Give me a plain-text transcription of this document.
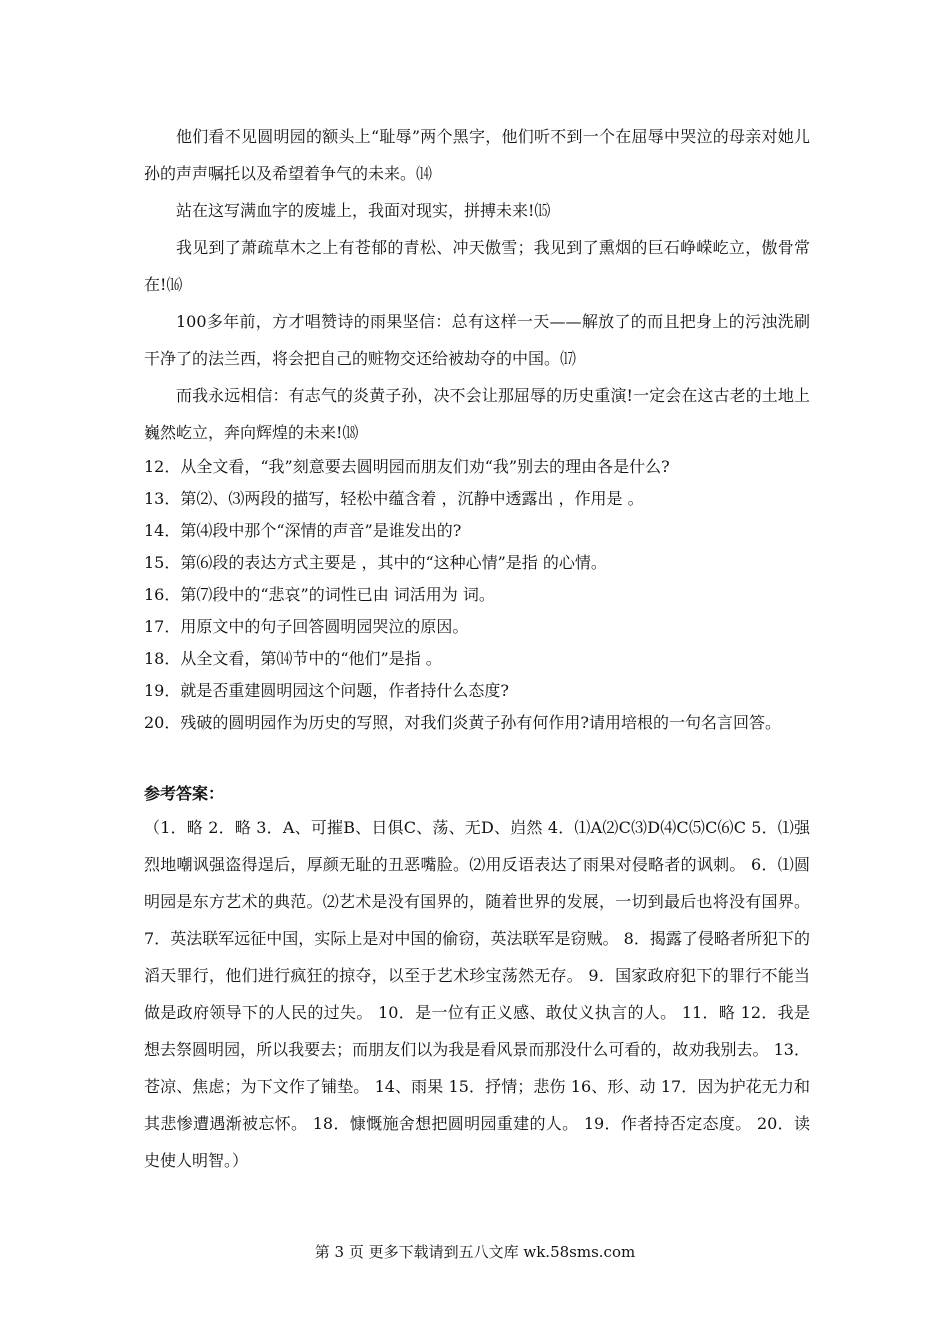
他们看不见圆明园的额头上“耻辱”两个黑字，他们听不到一个在屈辱中哭泣的母亲对她儿孙的声声嘱托以及希望着争气的未来。⒁

站在这写满血字的废墟上，我面对现实，拼搏未来!⒂

我见到了萧疏草木之上有苍郁的青松、冲天傲雪；我见到了熏烟的巨石峥嵘屹立，傲骨常在!⒃

100多年前，方才唱赞诗的雨果坚信：总有这样一天——解放了的而且把身上的污浊洗刷干净了的法兰西，将会把自己的赃物交还给被劫夺的中国。⒄

而我永远相信：有志气的炎黄子孙，决不会让那屈辱的历史重演!一定会在这古老的土地上巍然屹立，奔向辉煌的未来!⒅

12．从全文看，“我”刻意要去圆明园而朋友们劝“我”别去的理由各是什么?

13．第⑵、⑶两段的描写，轻松中蕴含着 ，沉静中透露出 ，作用是 。

14．第⑷段中那个“深情的声音”是谁发出的?

15．第⑹段的表达方式主要是 ，其中的“这种心情”是指 的心情。

16．第⑺段中的“悲哀”的词性已由 词活用为 词。

17．用原文中的句子回答圆明园哭泣的原因。

18．从全文看，第⒁节中的“他们”是指 。

19．就是否重建圆明园这个问题，作者持什么态度?

20．残破的圆明园作为历史的写照，对我们炎黄子孙有何作用?请用培根的一句名言回答。

参考答案：

（1．略 2．略 3．A、可摧B、日俱C、荡、无D、岿然 4．⑴A⑵C⑶D⑷C⑸C⑹C 5．⑴强烈地嘲讽强盗得逞后，厚颜无耻的丑恶嘴脸。⑵用反语表达了雨果对侵略者的讽刺。 6．⑴圆明园是东方艺术的典范。⑵艺术是没有国界的，随着世界的发展，一切到最后也将没有国界。 7．英法联军远征中国，实际上是对中国的偷窃，英法联军是窃贼。 8．揭露了侵略者所犯下的滔天罪行，他们进行疯狂的掠夺，以至于艺术珍宝荡然无存。 9．国家政府犯下的罪行不能当做是政府领导下的人民的过失。 10．是一位有正义感、敢仗义执言的人。 11．略 12．我是想去祭圆明园，所以我要去；而朋友们以为我是看风景而那没什么可看的，故劝我别去。 13．苍凉、焦虑；为下文作了铺垫。 14、雨果 15．抒情；悲伤 16、形、动 17．因为护花无力和其悲惨遭遇渐被忘怀。 18．慷慨施舍想把圆明园重建的人。 19．作者持否定态度。 20．读史使人明智。）

第 3 页 更多下载请到五八文库 wk.58sms.com
